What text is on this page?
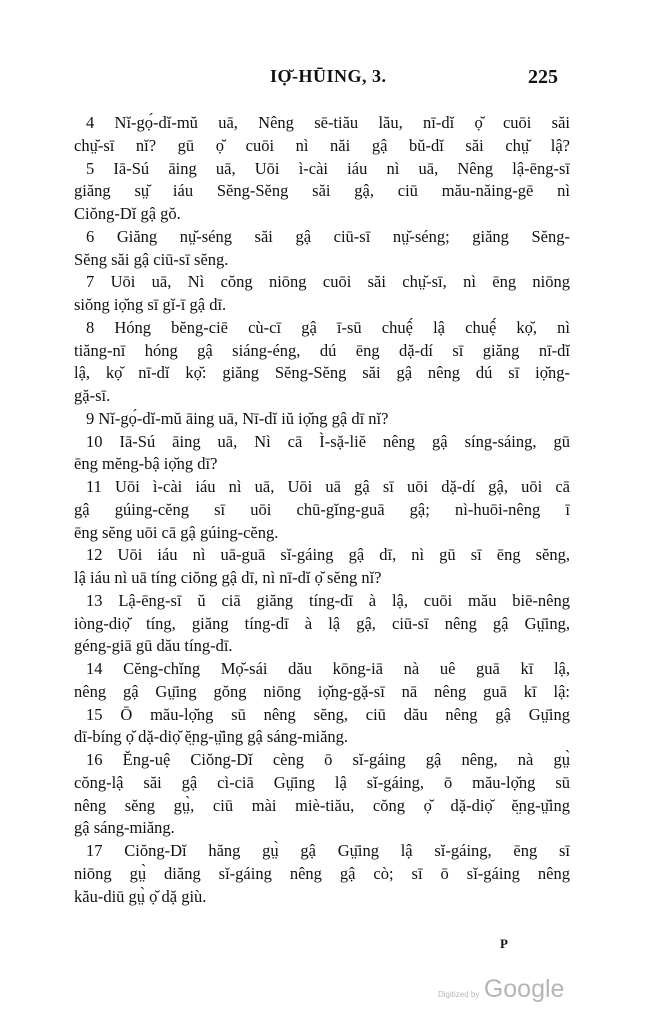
IỌ̆-HŪING, 3.	225
4 Nĭ-gọ́-dĭ-mŭ uā, Nêng sē-tiău lău, nī-dĭ ọ̆ cuōi săi
chṳ̆-sī nĭ? gū ọ̆ cuōi nì năi gậ bŭ-dĭ săi chṳ̆ lậ?
5 Iā-Sú āing uā, Uōi ì-cài iáu nì uā, Nêng lậ-ēng-sī
giăng sṳ̆ iáu Sĕng-Sĕng săi gậ, ciū mău-năing-gē nì
Ciŏng-Dĭ gậ gŏ.
6 Giăng nṳ̆-séng săi gậ ciū-sī nṳ̆-séng; giăng Sĕng-
Sĕng săi gậ ciū-sī sĕng.
7 Uōi uā, Nì cŏng niōng cuōi săi chṳ̆-sī, nì ēng niōng
siŏng iọ̆ng sī gĭ-ī gậ dī.
8 Hóng bĕng-ciē cù-cī gậ ī-sū chuệ́ lậ chuệ́ kọ̆, nì
tiăng-nī hóng gậ siáng-éng, dú ēng dặ-dí sī giăng nī-dĭ
lậ, kọ̆ nī-dĭ kọ̆: giăng Sĕng-Sĕng săi gậ nêng dú sī iọ̆ng-
gặ-sī.
9 Nĭ-gọ́-dĭ-mŭ āing uā, Nī-dĭ iŭ iọ̆ng gậ dī nĭ?
10 Iā-Sú āing uā, Nì cā Ì-sặ-liĕ nêng gậ síng-sáing, gū
ēng mĕng-bậ iọ̆ng dī?
11 Uōi ì-cài iáu nì uā, Uōi uā gậ sī uōi dặ-dí gậ, uōi cā
gậ gúing-cĕng sī uōi chū-gĭng-guā gậ; nì-huōi-nêng ī
ēng sĕng uōi cā gậ gúing-cĕng.
12 Uōi iáu nì uā-guā sĭ-gáing gậ dī, nì gū sī ēng sĕng,
lậ iáu nì uā tíng ciŏng gậ dī, nì nī-dĭ ọ̆ sĕng nĭ?
13 Lậ-ēng-sī ŭ ciā giăng tíng-dī à lậ, cuōi mău biē-nêng
iòng-diọ̆ tíng, giăng tíng-dī à lậ gậ, ciū-sī nêng gậ Gṳ̄ing,
géng-giā gū dău tíng-dī.
14 Cĕng-chĭng Mọ̆-sái dău kōng-iā nà uê guā kī lậ,
nêng gậ Gṳ̄ing gŏng niōng iọ̆ng-gặ-sī nā nêng guā kī lậ:
15 Ō mău-lọ̆ng sū nêng sĕng, ciū dău nêng gậ Gṳ̄ing
dī-bíng ọ̆ dặ-diọ̆ ĕ̤ng-ṳ̆ing gậ sáng-miăng.
16 Ĕng-uệ Ciŏng-Dĭ cèng ō sĭ-gáing gậ nêng, nà gṳ̀
cŏng-lậ săi gậ cì-ciā Gṳ̄ing lậ sĭ-gáing, ō mău-lọ̆ng sū
nêng sĕng gṳ̀, ciū mài miè-tiău, cŏng ọ̆ dặ-diọ̆ ĕ̤ng-ṳ̆ing
gậ sáng-miăng.
17 Ciŏng-Dĭ hăng gṳ̀ gậ Gṳ̄ing lậ sĭ-gáing, ēng sī
niōng gṳ̀ diăng sĭ-gáing nêng gậ cò; sī ō sĭ-gáing nêng
kău-diū gṳ̀ ọ̆ dặ giù.
P
Digitized by Google
